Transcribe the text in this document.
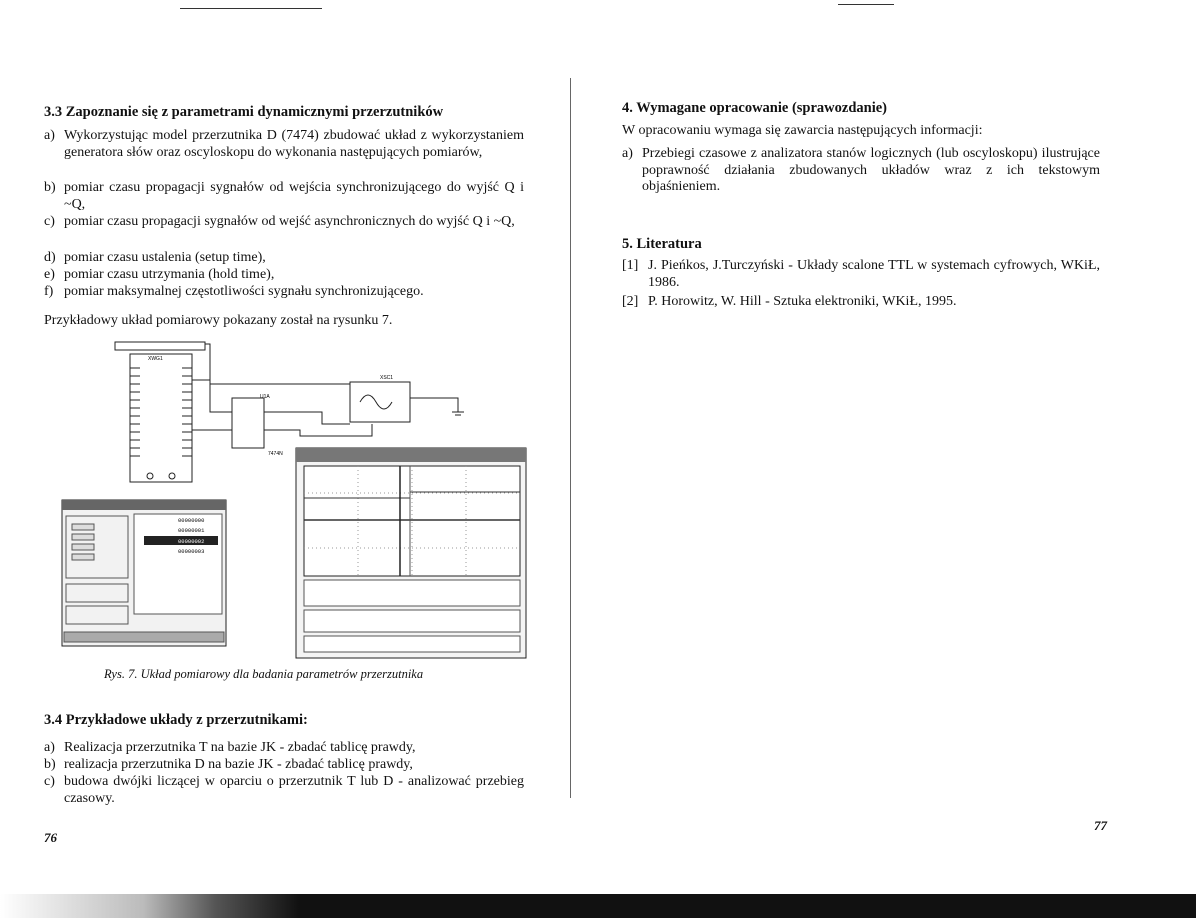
3.3 Zapoznanie się z parametrami dynamicznymi przerzutników
a) Wykorzystując model przerzutnika D (7474) zbudować układ z wykorzystaniem generatora słów oraz oscyloskopu do wykonania następujących pomiarów,
b) pomiar czasu propagacji sygnałów od wejścia synchronizującego do wyjść Q i ~Q,
c) pomiar czasu propagacji sygnałów od wejść asynchronicznych do wyjść Q i ~Q,
d) pomiar czasu ustalenia (setup time),
e) pomiar czasu utrzymania (hold time),
f) pomiar maksymalnej częstotliwości sygnału synchronizującego.
Przykładowy układ pomiarowy pokazany został na rysunku 7.
XWG1
U1A
7474N
XSC1
00000000
00000001
00000002
00000003
Rys. 7. Układ pomiarowy dla badania parametrów przerzutnika
3.4 Przykładowe układy z przerzutnikami:
a) Realizacja przerzutnika T na bazie JK - zbadać tablicę prawdy,
b) realizacja przerzutnika D na bazie JK - zbadać tablicę prawdy,
c) budowa dwójki liczącej w oparciu o przerzutnik T lub D - analizować przebieg czasowy.
76
4. Wymagane opracowanie (sprawozdanie)
W opracowaniu wymaga się zawarcia następujących informacji:
a) Przebiegi czasowe z analizatora stanów logicznych (lub oscyloskopu) ilustrujące poprawność działania zbudowanych układów wraz z ich tekstowym objaśnieniem.
5. Literatura
[1] J. Pieńkos, J.Turczyński - Układy scalone TTL w systemach cyfrowych, WKiŁ, 1986.
[2] P. Horowitz, W. Hill - Sztuka elektroniki, WKiŁ, 1995.
77
